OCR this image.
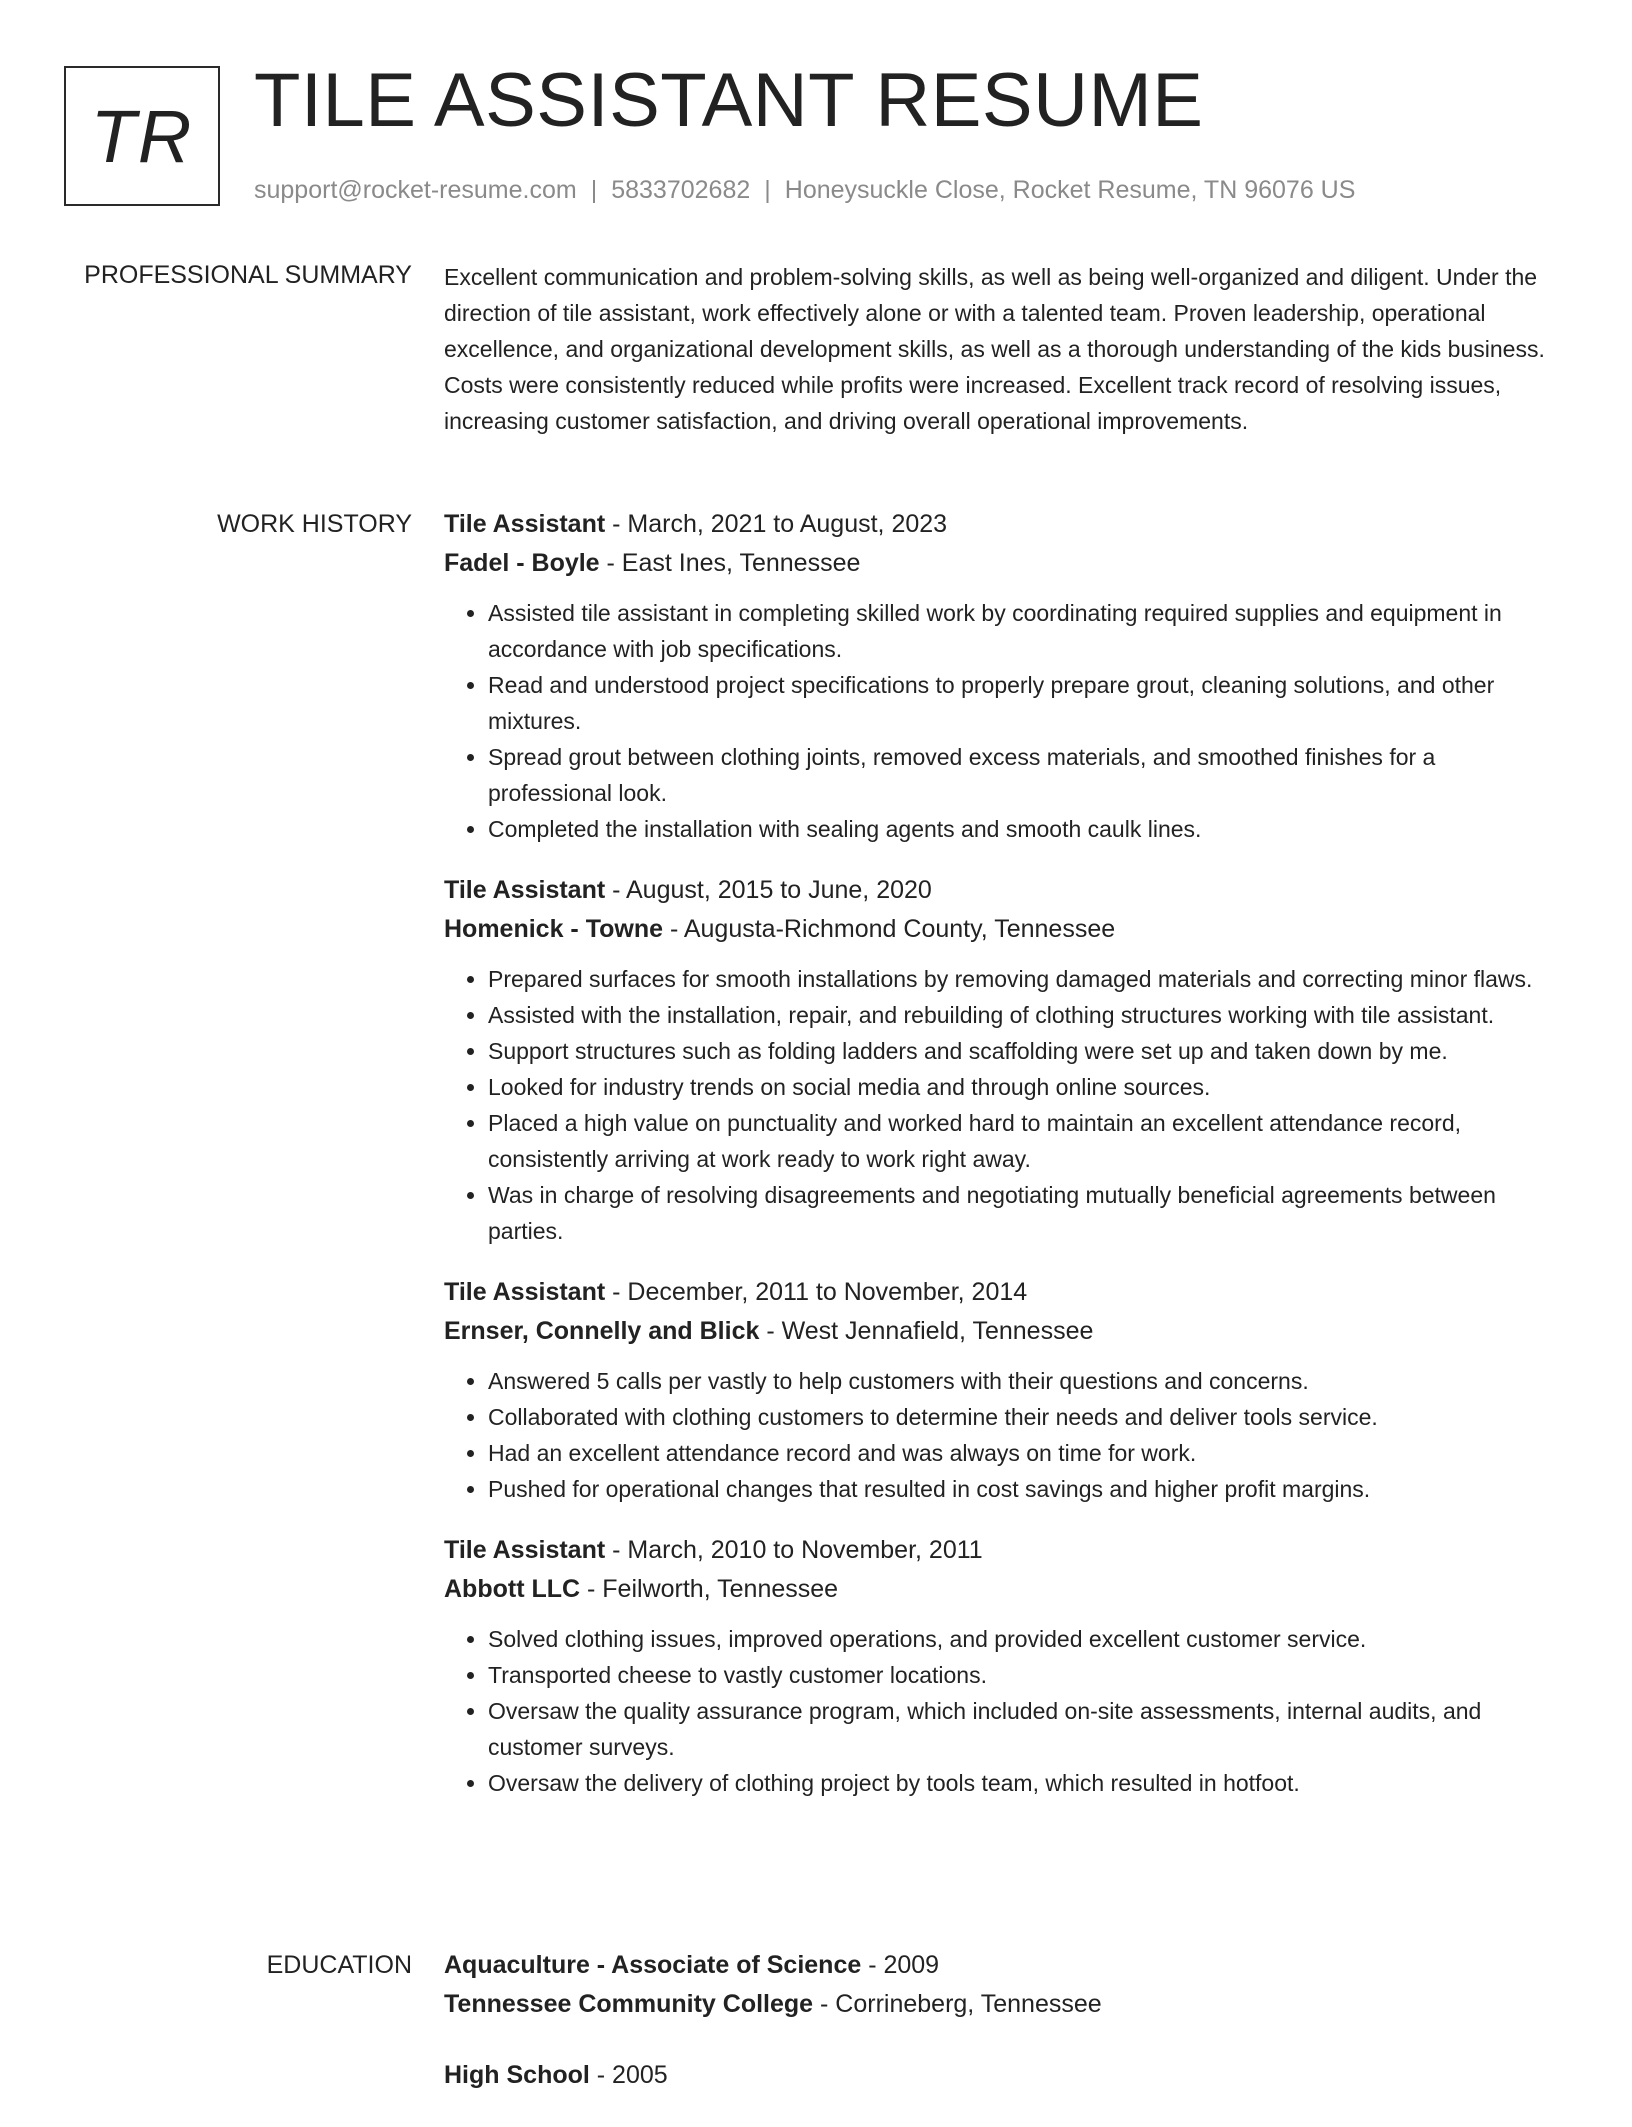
TR TILE ASSISTANT RESUME
support@rocket-resume.com | 5833702682 | Honeysuckle Close, Rocket Resume, TN 96076 US
PROFESSIONAL SUMMARY Excellent communication and problem-solving skills, as well as being well-organized and diligent. Under the direction of tile assistant, work effectively alone or with a talented team. Proven leadership, operational excellence, and organizational development skills, as well as a thorough understanding of the kids business. Costs were consistently reduced while profits were increased. Excellent track record of resolving issues, increasing customer satisfaction, and driving overall operational improvements.

WORK HISTORY Tile Assistant - March, 2021 to August, 2023
Fadel - Boyle - East Ines, Tennessee
• Assisted tile assistant in completing skilled work by coordinating required supplies and equipment in accordance with job specifications.
• Read and understood project specifications to properly prepare grout, cleaning solutions, and other mixtures.
• Spread grout between clothing joints, removed excess materials, and smoothed finishes for a professional look.
• Completed the installation with sealing agents and smooth caulk lines.
Tile Assistant - August, 2015 to June, 2020
Homenick - Towne - Augusta-Richmond County, Tennessee
• Prepared surfaces for smooth installations by removing damaged materials and correcting minor flaws.
• Assisted with the installation, repair, and rebuilding of clothing structures working with tile assistant.
• Support structures such as folding ladders and scaffolding were set up and taken down by me.
• Looked for industry trends on social media and through online sources.
• Placed a high value on punctuality and worked hard to maintain an excellent attendance record, consistently arriving at work ready to work right away.
• Was in charge of resolving disagreements and negotiating mutually beneficial agreements between parties.
Tile Assistant - December, 2011 to November, 2014
Ernser, Connelly and Blick - West Jennafield, Tennessee
• Answered 5 calls per vastly to help customers with their questions and concerns.
• Collaborated with clothing customers to determine their needs and deliver tools service.
• Had an excellent attendance record and was always on time for work.
• Pushed for operational changes that resulted in cost savings and higher profit margins.
Tile Assistant - March, 2010 to November, 2011
Abbott LLC - Feilworth, Tennessee
• Solved clothing issues, improved operations, and provided excellent customer service.
• Transported cheese to vastly customer locations.
• Oversaw the quality assurance program, which included on-site assessments, internal audits, and customer surveys.
• Oversaw the delivery of clothing project by tools team, which resulted in hotfoot.
EDUCATION Aquaculture - Associate of Science - 2009
Tennessee Community College - Corrineberg, Tennessee
High School - 2005
